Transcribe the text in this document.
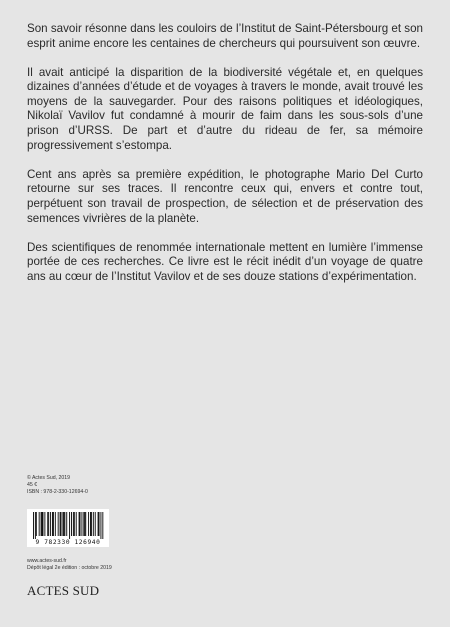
Son savoir résonne dans les couloirs de l’Institut de Saint-Pétersbourg et son esprit anime encore les centaines de chercheurs qui poursuivent son œuvre.

Il avait anticipé la disparition de la biodiversité végétale et, en quelques dizaines d’années d’étude et de voyages à travers le monde, avait trouvé les moyens de la sauvegarder. Pour des raisons politiques et idéologiques, Nikolaï Vavilov fut condamné à mourir de faim dans les sous-sols d’une prison d’URSS. De part et d’autre du rideau de fer, sa mémoire progressivement s’estompa.

Cent ans après sa première expédition, le photographe Mario Del Curto retourne sur ses traces. Il rencontre ceux qui, envers et contre tout, perpétuent son travail de prospection, de sélection et de préservation des semences vivrières de la planète.

Des scientifiques de renommée internationale mettent en lumière l’immense portée de ces recherches. Ce livre est le récit inédit d’un voyage de quatre ans au cœur de l’Institut Vavilov et de ses douze stations d’expérimentation.

© Actes Sud, 2019
45 €
ISBN : 978-2-330-12694-0
9 782330 126940
www.actes-sud.fr
Dépôt légal 2e édition : octobre 2019
ACTES SUD
